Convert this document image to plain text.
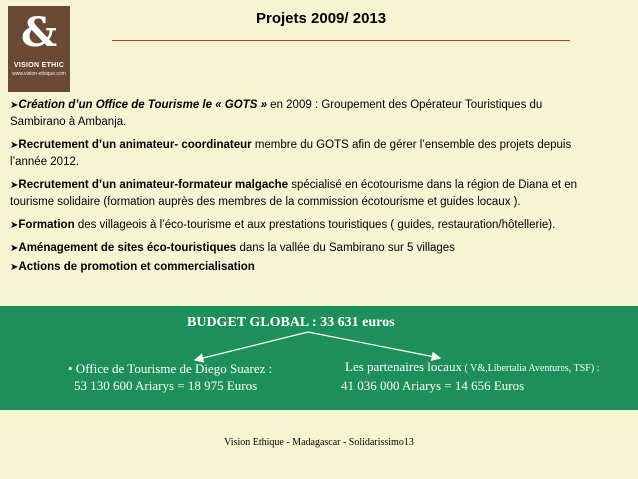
&
VISION ETHIC
www.vision-ethique.com
Projets 2009/ 2013
➤Création d’un Office de Tourisme le « GOTS » en 2009 : Groupement des Opérateur Touristiques du Sambirano à Ambanja.
➤Recrutement d’un animateur- coordinateur membre du GOTS afin de gérer l’ensemble des projets depuis l’année 2012.
➤Recrutement d’un animateur-formateur malgache spécialisé en écotourisme dans la région de Diana et en tourisme solidaire (formation auprès des membres de la commission écotourisme et guides locaux ).
➤Formation des villageois à l’éco-tourisme et aux prestations touristiques ( guides, restauration/hôtellerie).
➤Aménagement de sites éco-touristiques dans la vallée du Sambirano sur 5 villages
➤Actions de promotion et commercialisation
BUDGET GLOBAL : 33 631 euros
• Office de Tourisme de Diego Suarez :
53 130 600 Ariarys = 18 975 Euros
Les partenaires locaux ( V&,Libertalia Aventures, TSF) :
41 036 000 Ariarys = 14 656 Euros
Vision Ethique - Madagascar - Solidarissimo13
